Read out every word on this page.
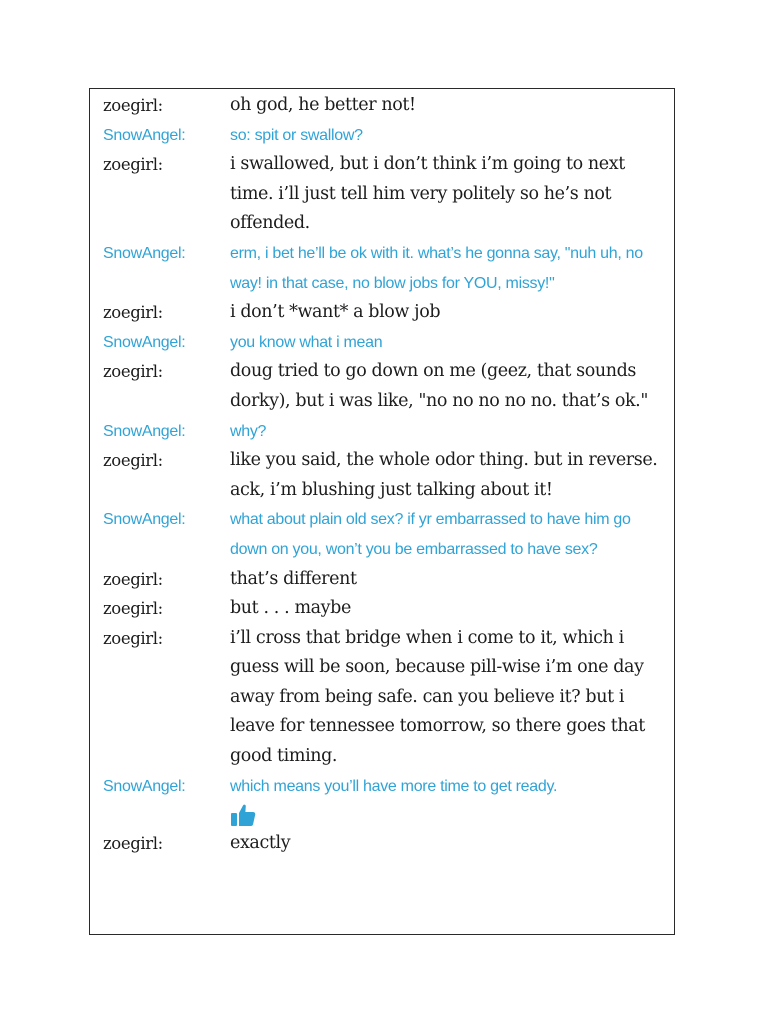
zoegirl:	oh god, he better not!
SnowAngel:	so: spit or swallow?
zoegirl:	i swallowed, but i don’t think i’m going to next time. i’ll just tell him very politely so he’s not offended.
SnowAngel:	erm, i bet he’ll be ok with it. what’s he gonna say, "nuh uh, no way! in that case, no blow jobs for YOU, missy!"
zoegirl:	i don’t *want* a blow job
SnowAngel:	you know what i mean
zoegirl:	doug tried to go down on me (geez, that sounds dorky), but i was like, "no no no no no. that’s ok."
SnowAngel:	why?
zoegirl:	like you said, the whole odor thing. but in reverse. ack, i’m blushing just talking about it!
SnowAngel:	what about plain old sex? if yr embarrassed to have him go down on you, won’t you be embarrassed to have sex?
zoegirl:	that’s different
zoegirl:	but . . . maybe
zoegirl:	i’ll cross that bridge when i come to it, which i guess will be soon, because pill-wise i’m one day away from being safe. can you believe it? but i leave for tennessee tomorrow, so there goes that good timing.
SnowAngel:	which means you’ll have more time to get ready.
zoegirl:	exactly
